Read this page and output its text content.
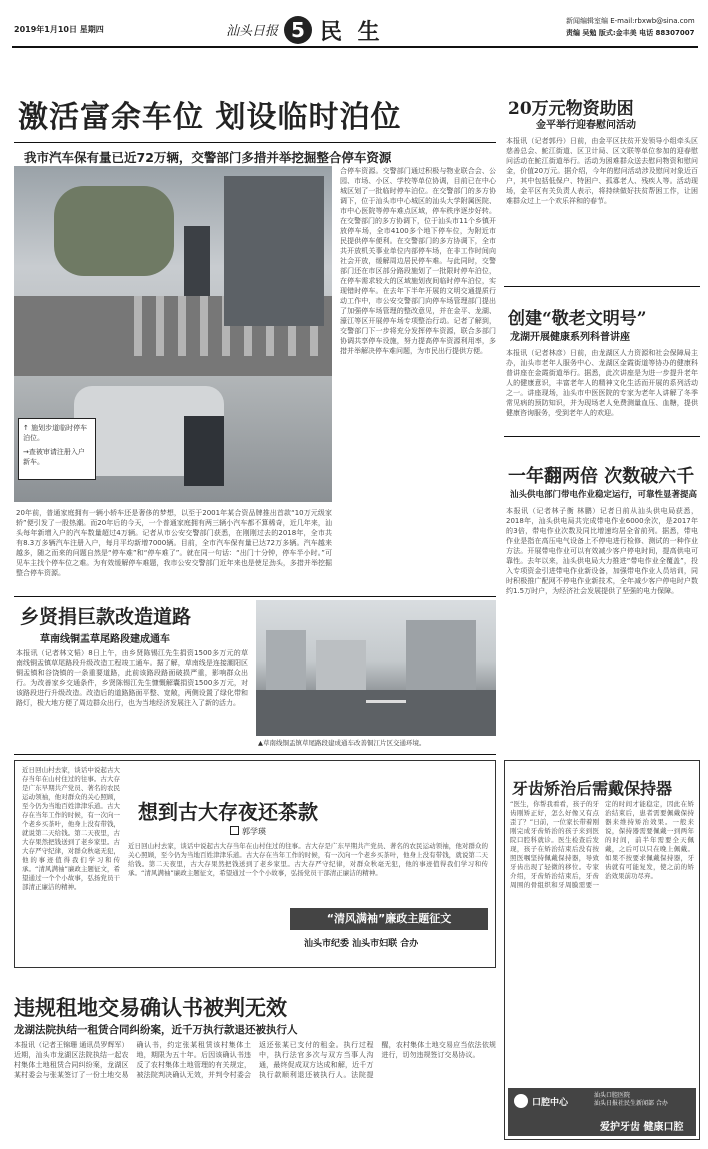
2019年1月10日 星期四	汕头日报 5 民 生	新闻编辑室编 E-mail:rbxwb@sina.com
责编 吴勉 版式:金丰美 电话 88307007
激活富余车位 划设临时泊位
我市汽车保有量已近72万辆，交警部门多措并举挖掘整合停车资源
↑ 施划步道临时停车泊位。
→查被审请注册入户新车。
20年前，普通家庭拥有一辆小轿车还是奢侈的梦想，以至于2001年某合资品牌推出首款“10万元级家轿”便引发了一股热潮。而20年后的今天，一个普通家庭拥有两三辆小汽车都不算稀奇，近几年来，汕头每年新增入户的汽车数量超过4万辆。记者从市公安交警部门获悉，在刚刚过去的2018年，全市共有8.3万多辆汽车注册入户，每月平均新增7000辆。目前，全市汽车保有量已达72万多辆。汽车越来越多，随之而来的问题自然是“停车难”和“停车难了”。就在同一句话：“出门十分钟，停车半小时。”可见车主找个停车位之难。为有效缓解停车难题，我市公安交警部门近年来也是使足劲头，多措并举挖掘整合停车资源。
合停车资源。交警部门通过积极与物业联合会、公园、市场、小区、学校等单位协调，目前已在中心城区划了一批临时停车泊位。在交警部门的多方协调下，位于汕头市中心城区的汕头大学附属医院、市中心医院等停车难点区域，停车秩序逐步好转。在交警部门的多方协调下，位于汕头市11个乡镇开放停车场，全市4100多个地下停车位，为附近市民提供停车便利。在交警部门的多方协调下，全市共开放机关事业单位内部停车场，在非工作时间向社会开放，缓解周边居民停车难。与此同时，交警部门还在市区部分路段施划了一批限时停车泊位，在停车需求较大的区域施划夜间临时停车泊位，实现错时停车。在去年下半年开展的文明交通提质行动工作中，市公安交警部门向停车场管理部门提出了加强停车场管理的整改意见，并在金平、龙湖、濠江等区开展停车场专项整治行动。记者了解到，交警部门下一步将充分发挥停车资源，联合多部门协调共享停车设施，努力提高停车资源利用率，多措并举解决停车难问题，为市民出行提供方便。
20万元物资助困
金平举行迎春慰问活动
本报讯（记者郭丹）日前，由金平区扶贫开发领导小组牵头区慈善总会、鮀江街道、区卫计局、区文联等单位参加的迎春慰问活动在鮀江街道举行。活动为困难群众送去慰问物资和慰问金，价值20万元。据介绍，今年的慰问活动涉及慰问对象近百户，其中包括低保户、特困户、孤寡老人、残疾人等。活动现场，金平区有关负责人表示，将持续做好扶贫帮困工作，让困难群众过上一个欢乐祥和的春节。
创建“敬老文明号”
龙湖开展健康系列科普讲座
本报讯（记者林彦）日前，由龙湖区人力资源和社会保障局主办，汕头市老年人服务中心、龙湖区金霞街道等协办的健康科普讲座在金霞街道举行。据悉，此次讲座是为进一步提升老年人的健康意识，丰富老年人的精神文化生活而开展的系列活动之一。讲座现场，汕头市中医医院的专家为老年人讲解了冬季常见病的预防知识，并为现场老人免费测量血压、血糖，提供健康咨询服务，受到老年人的欢迎。
一年翻两倍 次数破六千
汕头供电部门带电作业稳定运行，可靠性显著提高
本报讯（记者林子衡 林鹏）记者日前从汕头供电局获悉，2018年，汕头供电局共完成带电作业6000余次，是2017年的3倍，带电作业次数及同比增速均居全省前列。据悉，带电作业是指在高压电气设备上不停电进行检修、测试的一种作业方法。开展带电作业可以有效减少客户停电时间，提高供电可靠性。去年以来，汕头供电局大力推进“带电作业全覆盖”，投入专项资金引进带电作业新设备，加强带电作业人员培训，同时积极推广配网不停电作业新技术，全年减少客户停电时户数约1.5万时户，为经济社会发展提供了坚强的电力保障。
乡贤捐巨款改造道路
草南线铜盂草尾路段建成通车
本报讯（记者林文韬）8日上午，由乡贤陈锡江先生捐资1500多万元的草南线铜盂镇草尾路段升级改造工程竣工通车。据了解，草南线是连接潮阳区铜盂镇和谷饶镇的一条重要道路，此前该路段路面破损严重，影响群众出行。为改善家乡交通条件，乡贤陈锡江先生慷慨解囊捐资1500多万元，对该路段进行升级改造。改造后的道路路面平整、宽敞，两侧设置了绿化带和路灯，极大地方便了周边群众出行，也为当地经济发展注入了新的活力。
▲草南线铜盂镇草尾路段建成通车改善铜江片区交通环境。
近日回山村去家，谈话中说起古大存当年在山村住过的往事。古大存是广东早期共产党员、著名的农民运动领袖，他对群众的关心照顾，至今仍为当地百姓津津乐道。古大存在当年工作的时候，有一次向一个老乡买茶叶，他身上没有带钱，就说第二天给钱。第二天夜里，古大存果然把钱送到了老乡家里。古大存严守纪律，对群众秋毫无犯，他的事迹值得我们学习和传承。“清风满袖”廉政主题征文，希望通过一个个小故事，弘扬党员干部清正廉洁的精神。
想到古大存夜还茶款
郭学瑛
近日回山村去家，谈话中说起古大存当年在山村住过的往事。古大存是广东早期共产党员、著名的农民运动领袖，他对群众的关心照顾，至今仍为当地百姓津津乐道。古大存在当年工作的时候，有一次向一个老乡买茶叶，他身上没有带钱，就说第二天给钱。第二天夜里，古大存果然把钱送到了老乡家里。古大存严守纪律，对群众秋毫无犯，他的事迹值得我们学习和传承。“清风满袖”廉政主题征文，希望通过一个个小故事，弘扬党员干部清正廉洁的精神。
“清风满袖”廉政主题征文
汕头市纪委 汕头市妇联 合办
违规租地交易确认书被判无效
龙湖法院执结一租赁合同纠纷案，近千万执行款退还被执行人
本报讯（记者王锦珊 通讯员罗辉军）近期，汕头市龙湖区法院执结一起农村集体土地租赁合同纠纷案，龙湖区某村委会与张某签订了一份土地交易确认书，约定张某租赁该村集体土地，期限为五十年。后因该确认书违反了农村集体土地管理的有关规定，被法院判决确认无效，并判令村委会返还张某已支付的租金。执行过程中，执行法官多次与双方当事人沟通，最终促成双方达成和解，近千万执行款顺利退还被执行人。法院提醒，农村集体土地交易应当依法依规进行，切勿违规签订交易协议。
牙齿矫治后需戴保持器
“医生，你帮我看看，孩子的牙齿刚矫正好，怎么好像又有点歪了？”日前，一位家长带着刚刚完成牙齿矫治的孩子来到医院口腔科就诊。医生检查后发现，孩子在矫治结束后没有按照医嘱坚持佩戴保持器，导致牙齿出现了轻微的移位。专家介绍，牙齿矫治结束后，牙齿周围的骨组织和牙周膜需要一定的时间才能稳定，因此在矫治结束后，患者需要佩戴保持器来维持矫治效果。一般来说，保持器需要佩戴一到两年的时间，前半年需要全天佩戴，之后可以只在晚上佩戴。如果不按要求佩戴保持器，牙齿就有可能复发，使之前的矫治效果前功尽弃。
口腔中心
汕头口腔医院
汕头日报社民生新闻部 合办
爱护牙齿 健康口腔
